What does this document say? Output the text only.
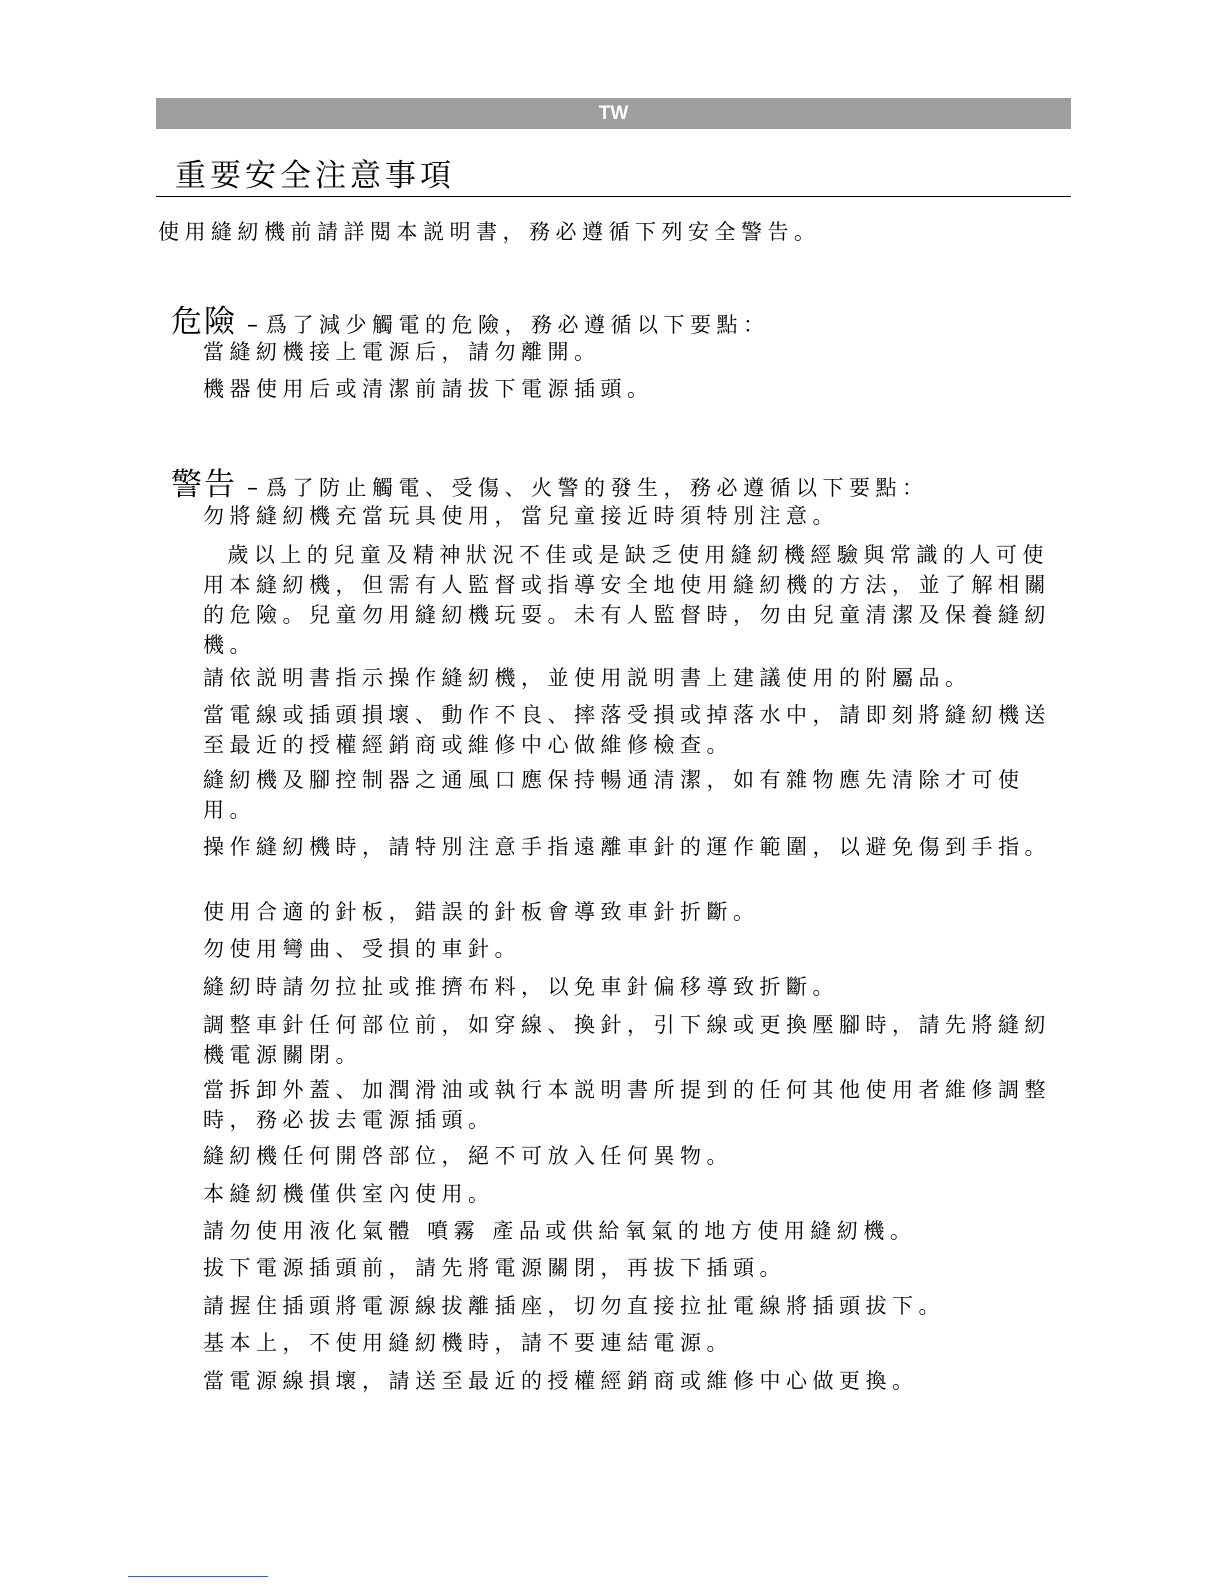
TW
重要安全注意事項
使用縫紉機前請詳閱本説明書，務必遵循下列安全警告。
危險 – 爲了減少觸電的危險，務必遵循以下要點：
當縫紉機接上電源后，請勿離開。
機器使用后或清潔前請拔下電源插頭。
警告 – 爲了防止觸電、受傷、火警的發生，務必遵循以下要點：
勿將縫紉機充當玩具使用，當兒童接近時須特別注意。
歲以上的兒童及精神狀況不佳或是缺乏使用縫紉機經驗與常識的人可使用本縫紉機，但需有人監督或指導安全地使用縫紉機的方法，並了解相關的危險。兒童勿用縫紉機玩耍。未有人監督時，勿由兒童清潔及保養縫紉機。
請依説明書指示操作縫紉機，並使用説明書上建議使用的附屬品。
當電線或插頭損壞、動作不良、摔落受損或掉落水中，請即刻將縫紉機送至最近的授權經銷商或維修中心做維修檢查。
縫紉機及腳控制器之通風口應保持暢通清潔，如有雜物應先清除才可使用。
操作縫紉機時，請特別注意手指遠離車針的運作範圍，以避免傷到手指。
使用合適的針板，錯誤的針板會導致車針折斷。
勿使用彎曲、受損的車針。
縫紉時請勿拉扯或推擠布料，以免車針偏移導致折斷。
調整車針任何部位前，如穿線、換針，引下線或更換壓腳時，請先將縫紉機電源關閉。
當拆卸外蓋、加潤滑油或執行本説明書所提到的任何其他使用者維修調整時，務必拔去電源插頭。
縫紉機任何開啓部位，絕不可放入任何異物。
本縫紉機僅供室內使用。
請勿使用液化氣體 噴霧 產品或供給氧氣的地方使用縫紉機。
拔下電源插頭前，請先將電源關閉，再拔下插頭。
請握住插頭將電源線拔離插座，切勿直接拉扯電線將插頭拔下。
基本上，不使用縫紉機時，請不要連結電源。
當電源線損壞，請送至最近的授權經銷商或維修中心做更換。
